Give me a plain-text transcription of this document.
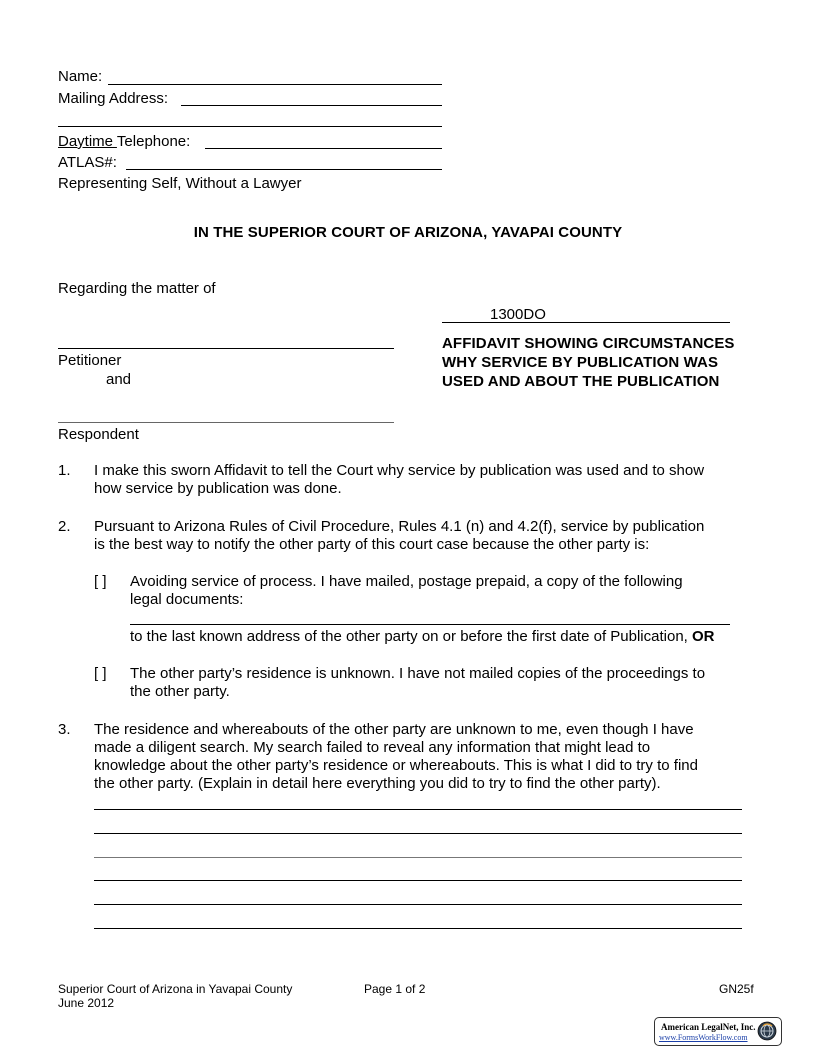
Name:
Mailing Address:
Daytime Telephone:
ATLAS#:
Representing Self, Without a Lawyer
IN THE SUPERIOR COURT OF ARIZONA, YAVAPAI COUNTY
Regarding the matter of
1300DO
Petitioner
and
AFFIDAVIT SHOWING CIRCUMSTANCES
WHY SERVICE BY PUBLICATION WAS
USED AND ABOUT THE PUBLICATION
Respondent
1. I make this sworn Affidavit to tell the Court why service by publication was used and to show
how service by publication was done.
2. Pursuant to Arizona Rules of Civil Procedure, Rules 4.1 (n) and 4.2(f), service by publication
is the best way to notify the other party of this court case because the other party is:
[ ] Avoiding service of process. I have mailed, postage prepaid, a copy of the following
legal documents:
to the last known address of the other party on or before the first date of Publication, OR
[ ] The other party’s residence is unknown. I have not mailed copies of the proceedings to
the other party.
3. The residence and whereabouts of the other party are unknown to me, even though I have
made a diligent search. My search failed to reveal any information that might lead to
knowledge about the other party’s residence or whereabouts. This is what I did to try to find
the other party. (Explain in detail here everything you did to try to find the other party).
Superior Court of Arizona in Yavapai County
June 2012
Page 1 of 2	GN25f
American LegalNet, Inc.
www.FormsWorkFlow.com
